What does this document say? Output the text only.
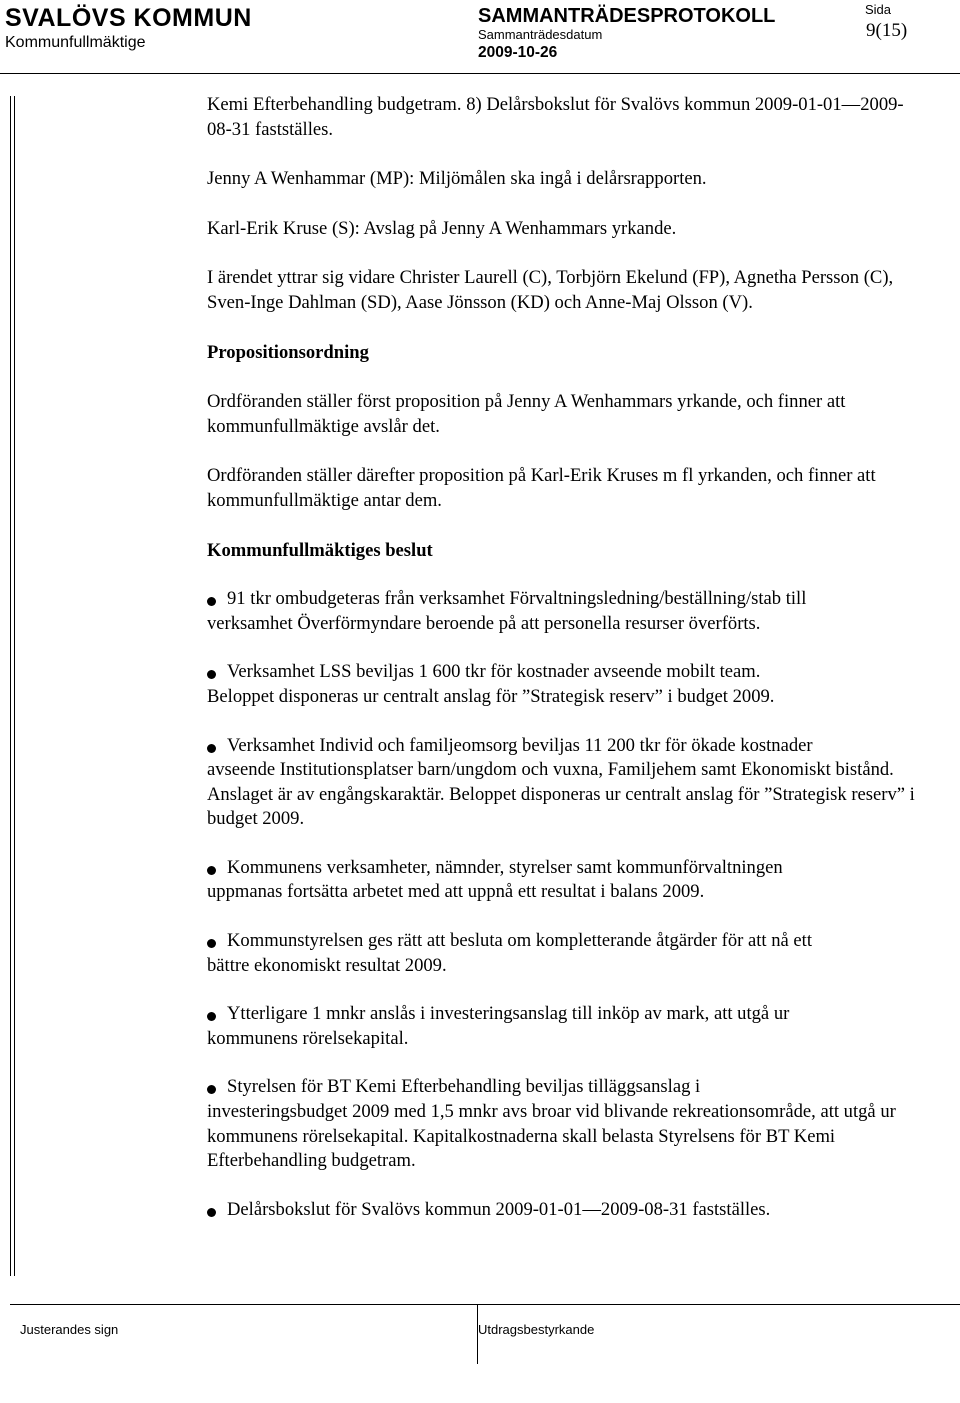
SVALÖVS KOMMUN
Kommunfullmäktige
SAMMANTRÄDESPROTOKOLL
Sammanträdesdatum
2009-10-26
Sida
9(15)

Kemi Efterbehandling budgetram. 8) Delårsbokslut för Svalövs kommun 2009-01-01—2009-08-31 fastställes.

Jenny A Wenhammar (MP): Miljömålen ska ingå i delårsrapporten.

Karl-Erik Kruse (S): Avslag på Jenny A Wenhammars yrkande.

I ärendet yttrar sig vidare Christer Laurell (C), Torbjörn Ekelund (FP), Agnetha Persson (C), Sven-Inge Dahlman (SD), Aase Jönsson (KD) och Anne-Maj Olsson (V).

Propositionsordning

Ordföranden ställer först proposition på Jenny A Wenhammars yrkande, och finner att kommunfullmäktige avslår det.

Ordföranden ställer därefter proposition på Karl-Erik Kruses m fl yrkanden, och finner att kommunfullmäktige antar dem.

Kommunfullmäktiges beslut

91 tkr ombudgeteras från verksamhet Förvaltningsledning/beställning/stab till
verksamhet Överförmyndare beroende på att personella resurser överförts.

Verksamhet LSS beviljas 1 600 tkr för kostnader avseende mobilt team.
Beloppet disponeras ur centralt anslag för ”Strategisk reserv” i budget 2009.

Verksamhet Individ och familjeomsorg beviljas 11 200 tkr för ökade kostnader
avseende Institutionsplatser barn/ungdom och vuxna, Familjehem samt Ekonomiskt bistånd. Anslaget är av engångskaraktär. Beloppet disponeras ur centralt anslag för ”Strategisk reserv” i budget 2009.

Kommunens verksamheter, nämnder, styrelser samt kommunförvaltningen
uppmanas fortsätta arbetet med att uppnå ett resultat i balans 2009.

Kommunstyrelsen ges rätt att besluta om kompletterande åtgärder för att nå ett
bättre ekonomiskt resultat 2009.

Ytterligare 1 mnkr anslås i investeringsanslag till inköp av mark, att utgå ur
kommunens rörelsekapital.

Styrelsen för BT Kemi Efterbehandling beviljas tilläggsanslag i
investeringsbudget 2009 med 1,5 mnkr avs broar vid blivande rekreationsområde, att utgå ur kommunens rörelsekapital. Kapitalkostnaderna skall belasta Styrelsens för BT Kemi Efterbehandling budgetram.

Delårsbokslut för Svalövs kommun 2009-01-01—2009-08-31 fastställes.

Justerandes sign	Utdragsbestyrkande
